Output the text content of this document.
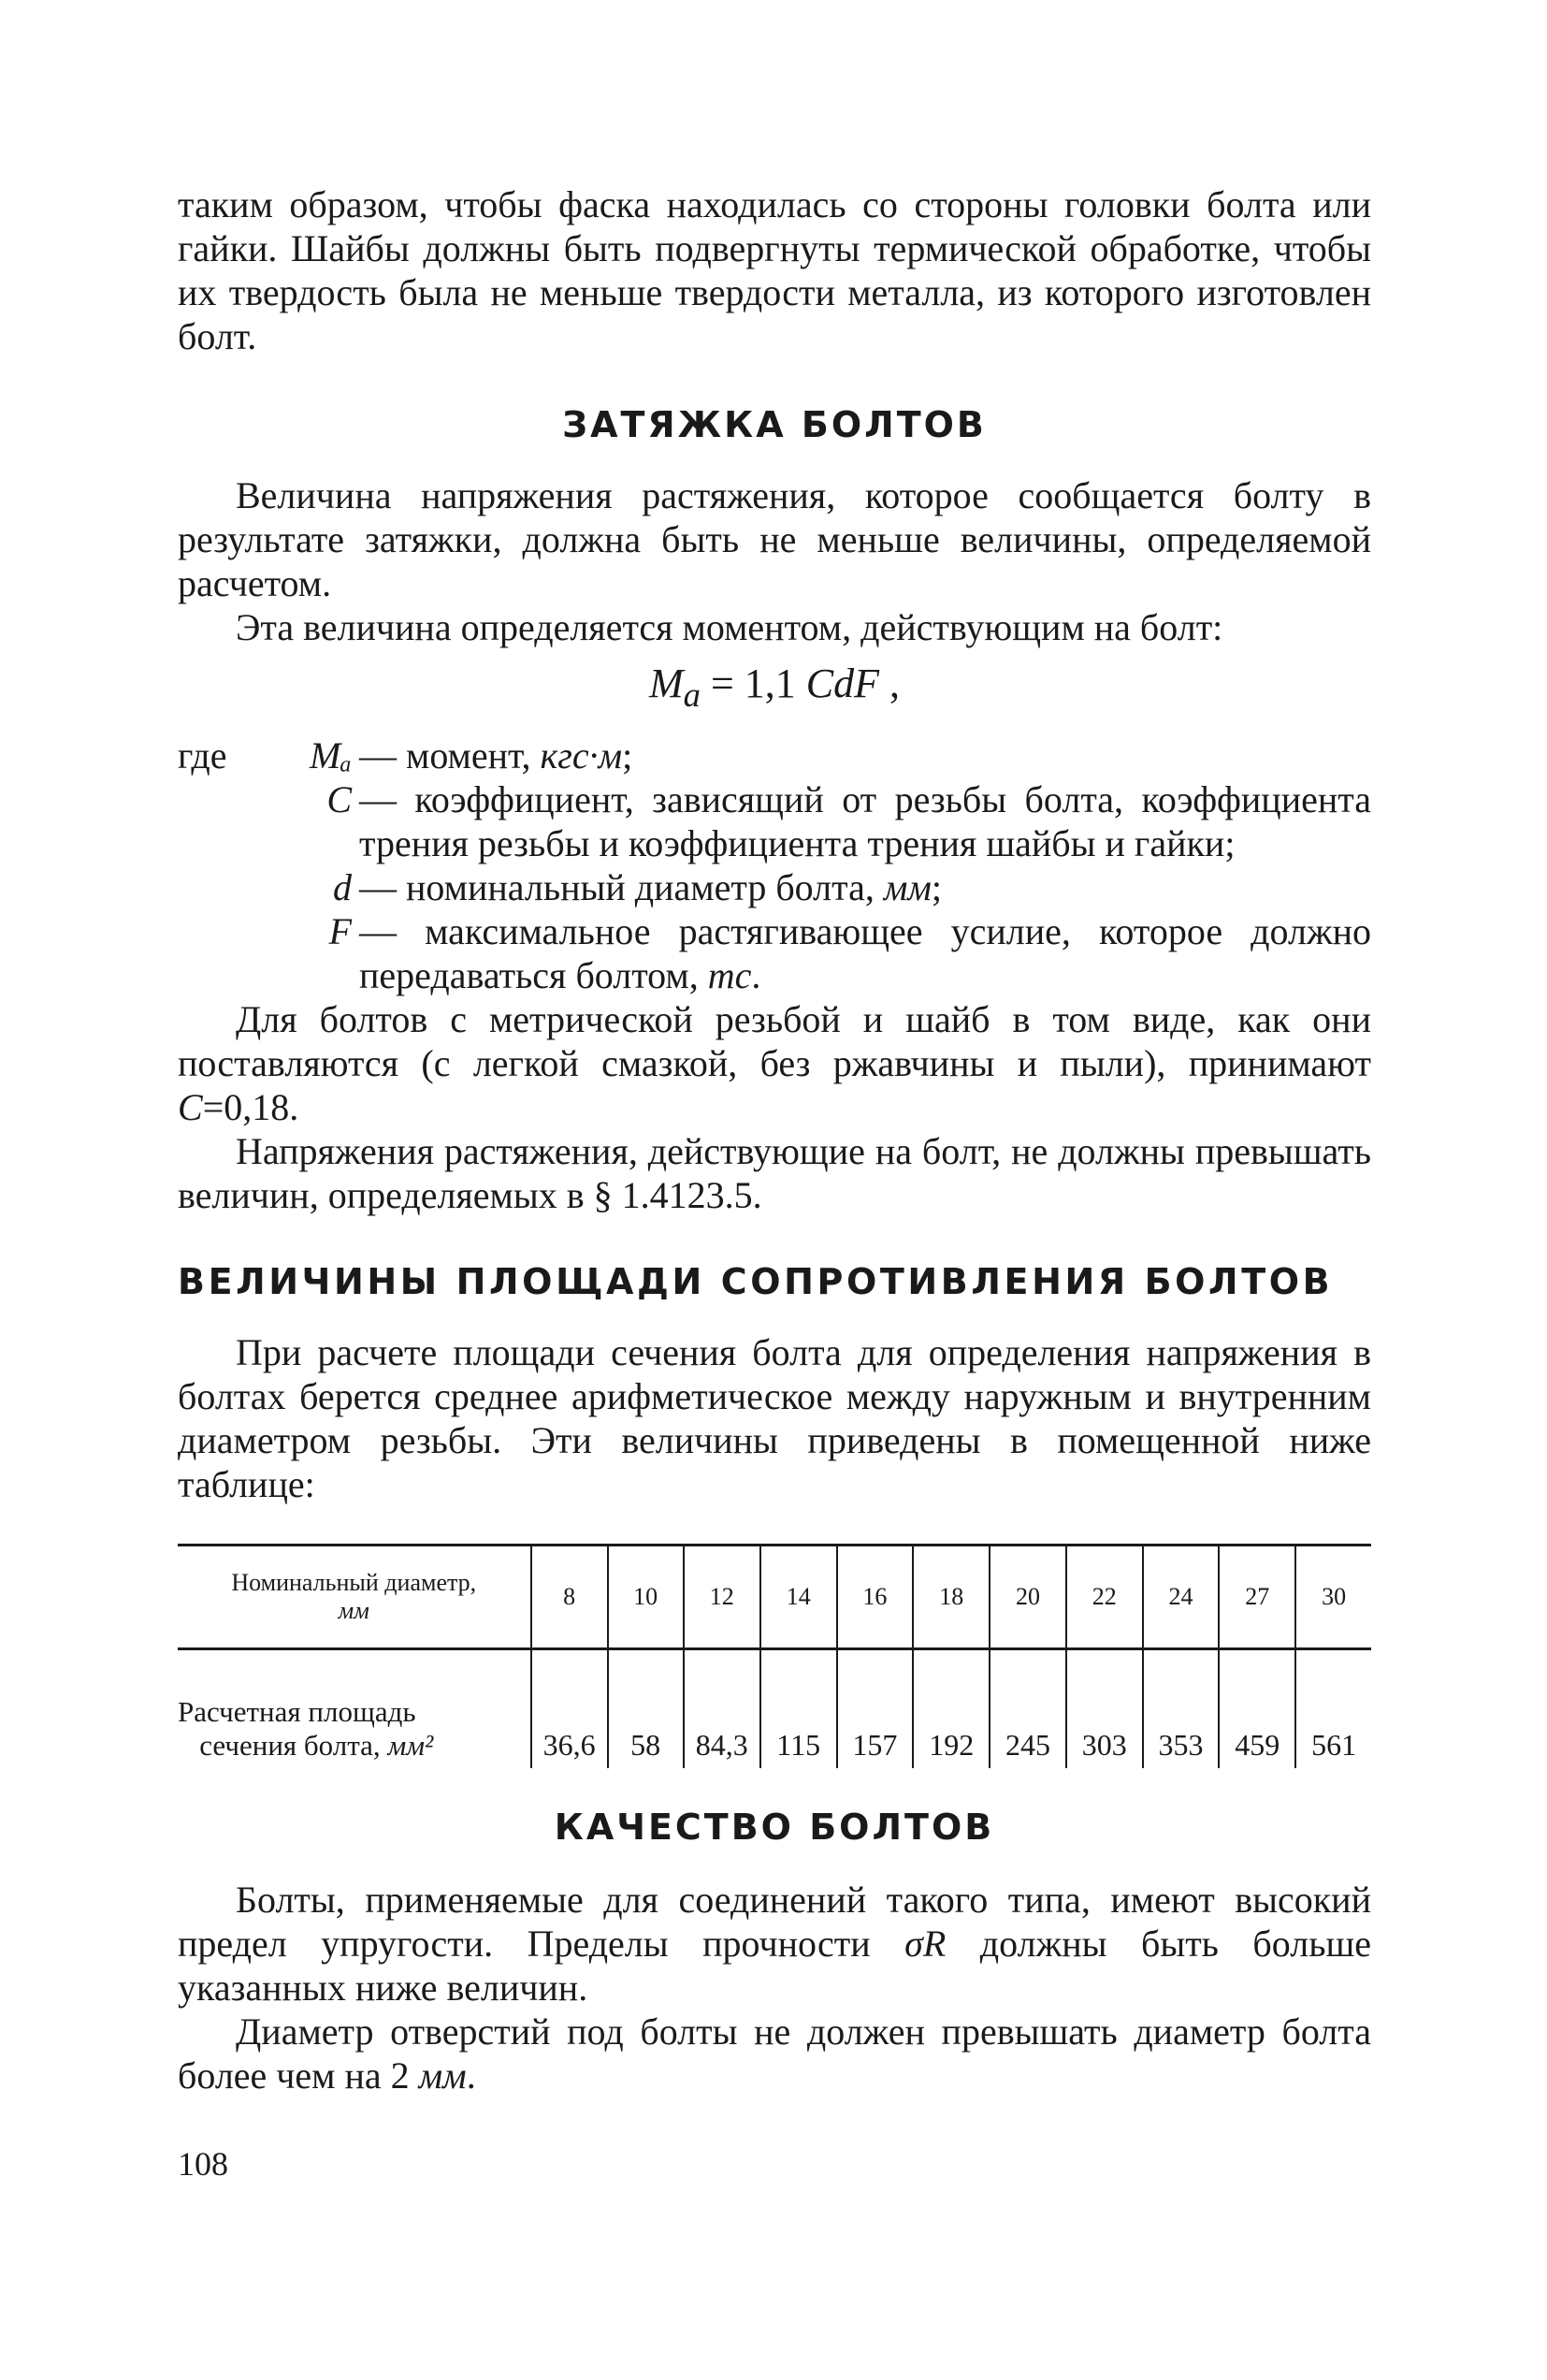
таким образом, чтобы фаска находилась со стороны головки болта или гайки. Шайбы должны быть подвергнуты термической обработке, чтобы их твердость была не меньше твердости металла, из которого изготовлен болт.

ЗАТЯЖКА БОЛТОВ

Величина напряжения растяжения, которое сообщается болту в результате затяжки, должна быть не меньше величины, определяемой расчетом.

Эта величина определяется моментом, действующим на болт:

$M_a = 1,1$ CdF ,
где	Mₐ — момент, кгс·м;
C — коэффициент, зависящий от резьбы болта, коэффициента трения резьбы и коэффициента трения шайбы и гайки;
d — номинальный диаметр болта, мм;
F — максимальное растягивающее усилие, которое должно передаваться болтом, тс.

Для болтов с метрической резьбой и шайб в том виде, как они поставляются (с легкой смазкой, без ржавчины и пыли), принимают C=0,18.

Напряжения растяжения, действующие на болт, не должны превышать величин, определяемых в § 1.4123.5.

ВЕЛИЧИНЫ ПЛОЩАДИ СОПРОТИВЛЕНИЯ БОЛТОВ

При расчете площади сечения болта для определения напряжения в болтах берется среднее арифметическое между наружным и внутренним диаметром резьбы. Эти величины приведены в помещенной ниже таблице:

Номинальный диаметр,
мм	8	10	12	14	16	18	20	22	24	27	30
Расчетная площадь
сечения болта, мм²	36,6	58	84,3	115	157	192	245	303	353	459	561
КАЧЕСТВО БОЛТОВ

Болты, применяемые для соединений такого типа, имеют высокий предел упругости. Пределы прочности σR должны быть больше указанных ниже величин.

Диаметр отверстий под болты не должен превышать диаметр болта более чем на 2 мм.

108
